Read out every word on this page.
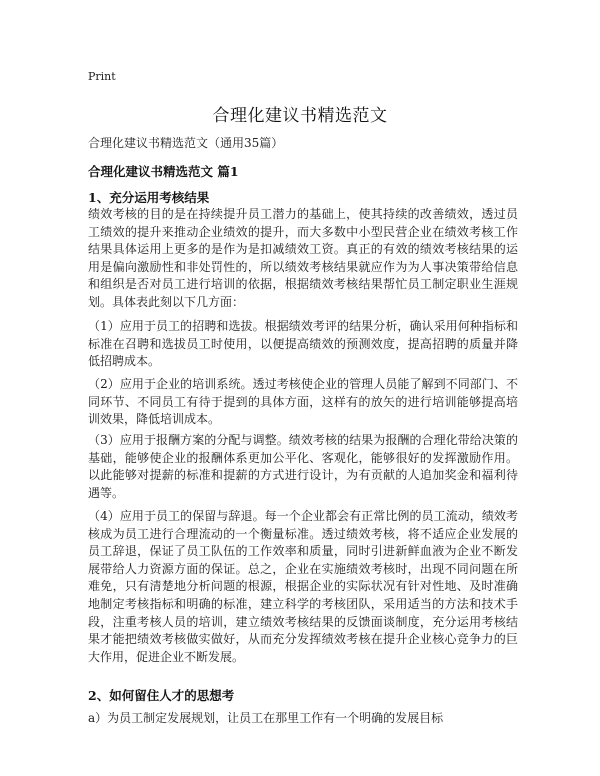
Print
合理化建议书精选范文
合理化建议书精选范文（通用35篇）
合理化建议书精选范文 篇1
1、充分运用考核结果
绩效考核的目的是在持续提升员工潜力的基础上，使其持续的改善绩效，透过员工绩效的提升来推动企业绩效的提升，而大多数中小型民营企业在绩效考核工作结果具体运用上更多的是作为是扣减绩效工资。真正的有效的绩效考核结果的运用是偏向激励性和非处罚性的，所以绩效考核结果就应作为为人事决策带给信息和组织是否对员工进行培训的依据，根据绩效考核结果帮忙员工制定职业生涯规划。具体表此刻以下几方面：
（1）应用于员工的招聘和选拔。根据绩效考评的结果分析，确认采用何种指标和标准在召聘和选拔员工时使用，以便提高绩效的预测效度，提高招聘的质量并降低招聘成本。
（2）应用于企业的培训系统。透过考核使企业的管理人员能了解到不同部门、不同环节、不同员工有待于提到的具体方面，这样有的放矢的进行培训能够提高培训效果，降低培训成本。
（3）应用于报酬方案的分配与调整。绩效考核的结果为报酬的合理化带给决策的基础，能够使企业的报酬体系更加公平化、客观化，能够很好的发挥激励作用。以此能够对提薪的标准和提薪的方式进行设计，为有贡献的人追加奖金和福利待遇等。
（4）应用于员工的保留与辞退。每一个企业都会有正常比例的员工流动，绩效考核成为员工进行合理流动的一个衡量标准。透过绩效考核，将不适应企业发展的员工辞退，保证了员工队伍的工作效率和质量，同时引进新鲜血液为企业不断发展带给人力资源方面的保证。总之，企业在实施绩效考核时，出现不同问题在所难免，只有清楚地分析问题的根源，根据企业的实际状况有针对性地、及时准确地制定考核指标和明确的标准，建立科学的考核团队，采用适当的方法和技术手段，注重考核人员的培训，建立绩效考核结果的反馈面谈制度，充分运用考核结果才能把绩效考核做实做好，从而充分发挥绩效考核在提升企业核心竞争力的巨大作用，促进企业不断发展。
2、如何留住人才的思想考
a）为员工制定发展规划，让员工在那里工作有一个明确的发展目标
